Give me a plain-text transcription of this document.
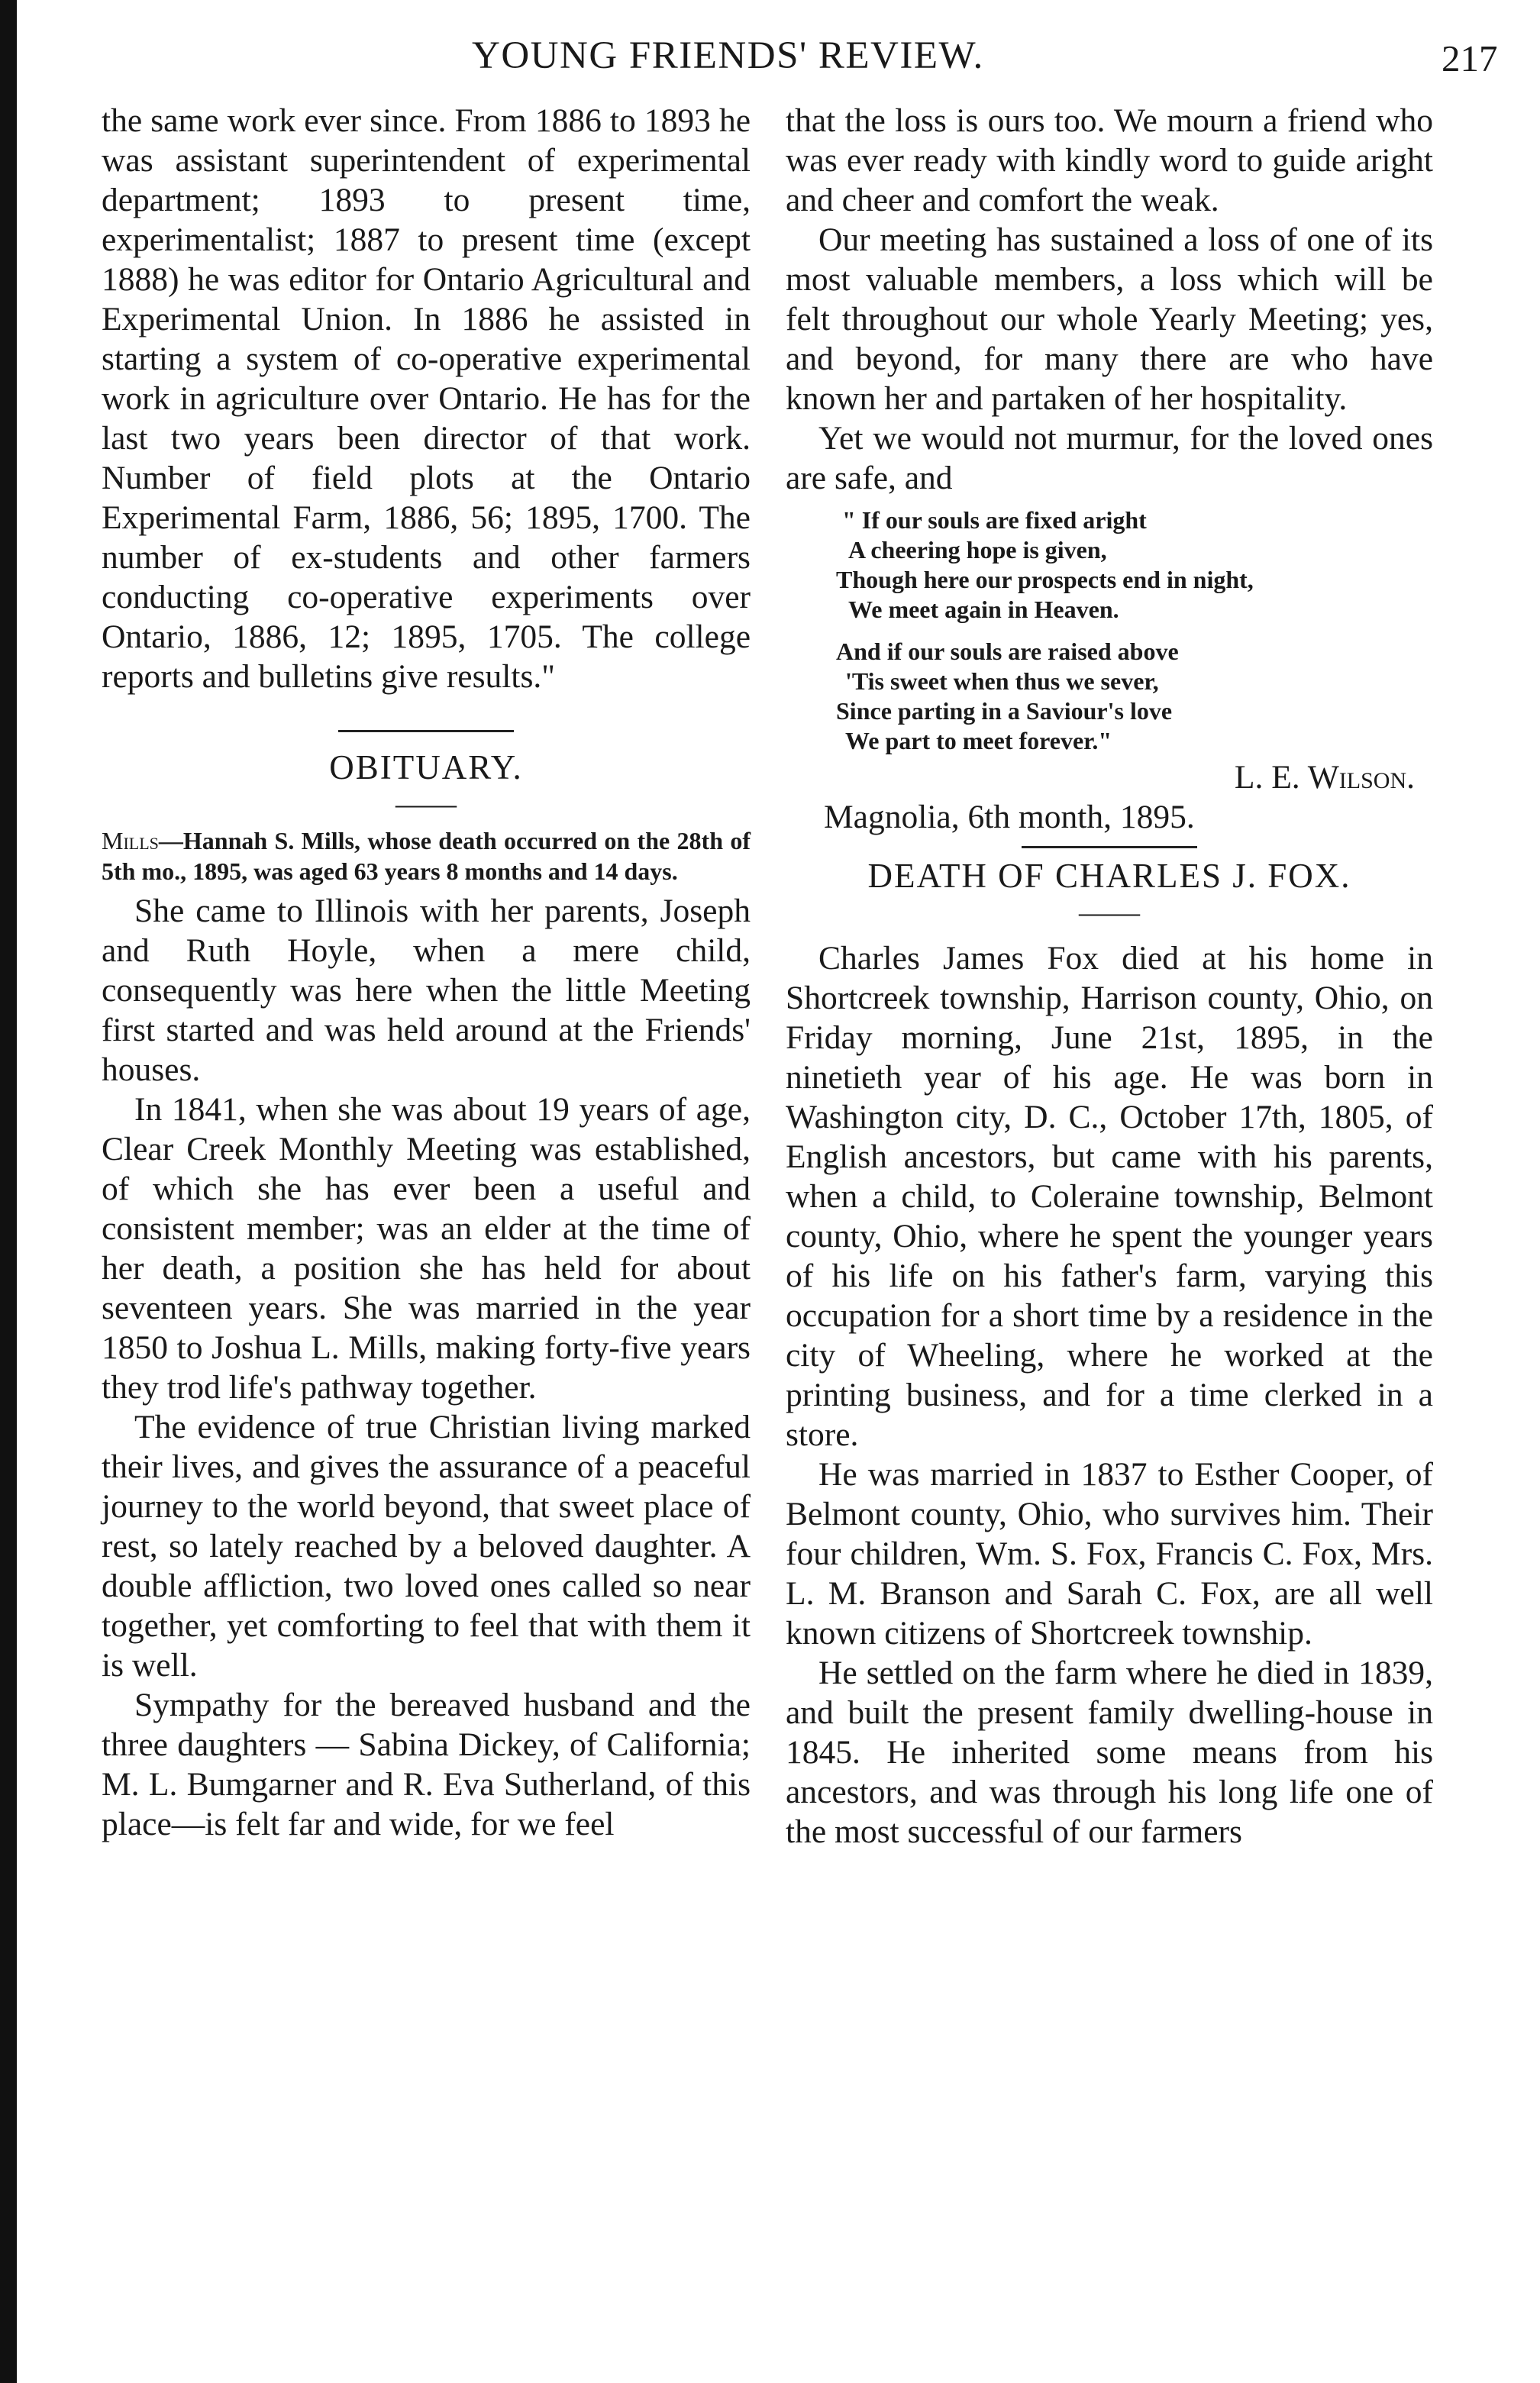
YOUNG FRIENDS' REVIEW.	217

the same work ever since. From 1886 to 1893 he was assistant superintendent of experimental department; 1893 to present time, experimentalist; 1887 to present time (except 1888) he was editor for Ontario Agricultural and Experimental Union. In 1886 he assisted in starting a system of co-operative experimental work in agriculture over Ontario. He has for the last two years been director of that work. Number of field plots at the Ontario Experimental Farm, 1886, 56; 1895, 1700. The number of ex-students and other farmers conducting co-operative experiments over Ontario, 1886, 12; 1895, 1705. The college reports and bulletins give results."

OBITUARY.

——

Mills—Hannah S. Mills, whose death occurred on the 28th of 5th mo., 1895, was aged 63 years 8 months and 14 days.

She came to Illinois with her parents, Joseph and Ruth Hoyle, when a mere child, consequently was here when the little Meeting first started and was held around at the Friends' houses.

In 1841, when she was about 19 years of age, Clear Creek Monthly Meeting was established, of which she has ever been a useful and consistent member; was an elder at the time of her death, a position she has held for about seventeen years. She was married in the year 1850 to Joshua L. Mills, making forty-five years they trod life's pathway together.

The evidence of true Christian living marked their lives, and gives the assurance of a peaceful journey to the world beyond, that sweet place of rest, so lately reached by a beloved daughter. A double affliction, two loved ones called so near together, yet comforting to feel that with them it is well.

Sympathy for the bereaved husband and the three daughters — Sabina Dickey, of California; M. L. Bumgarner and R. Eva Sutherland, of this place—is felt far and wide, for we feel

that the loss is ours too. We mourn a friend who was ever ready with kindly word to guide aright and cheer and comfort the weak.

Our meeting has sustained a loss of one of its most valuable members, a loss which will be felt throughout our whole Yearly Meeting; yes, and beyond, for many there are who have known her and partaken of her hospitality.

Yet we would not murmur, for the loved ones are safe, and

" If our souls are fixed aright
A cheering hope is given,
Though here our prospects end in night,
We meet again in Heaven.
And if our souls are raised above
'Tis sweet when thus we sever,
Since parting in a Saviour's love
We part to meet forever."

L. E. Wilson.

Magnolia, 6th month, 1895.

DEATH OF CHARLES J. FOX.

——

Charles James Fox died at his home in Shortcreek township, Harrison county, Ohio, on Friday morning, June 21st, 1895, in the ninetieth year of his age. He was born in Washington city, D. C., October 17th, 1805, of English ancestors, but came with his parents, when a child, to Coleraine township, Belmont county, Ohio, where he spent the younger years of his life on his father's farm, varying this occupation for a short time by a residence in the city of Wheeling, where he worked at the printing business, and for a time clerked in a store.

He was married in 1837 to Esther Cooper, of Belmont county, Ohio, who survives him. Their four children, Wm. S. Fox, Francis C. Fox, Mrs. L. M. Branson and Sarah C. Fox, are all well known citizens of Shortcreek township.

He settled on the farm where he died in 1839, and built the present family dwelling-house in 1845. He inherited some means from his ancestors, and was through his long life one of the most successful of our farmers
